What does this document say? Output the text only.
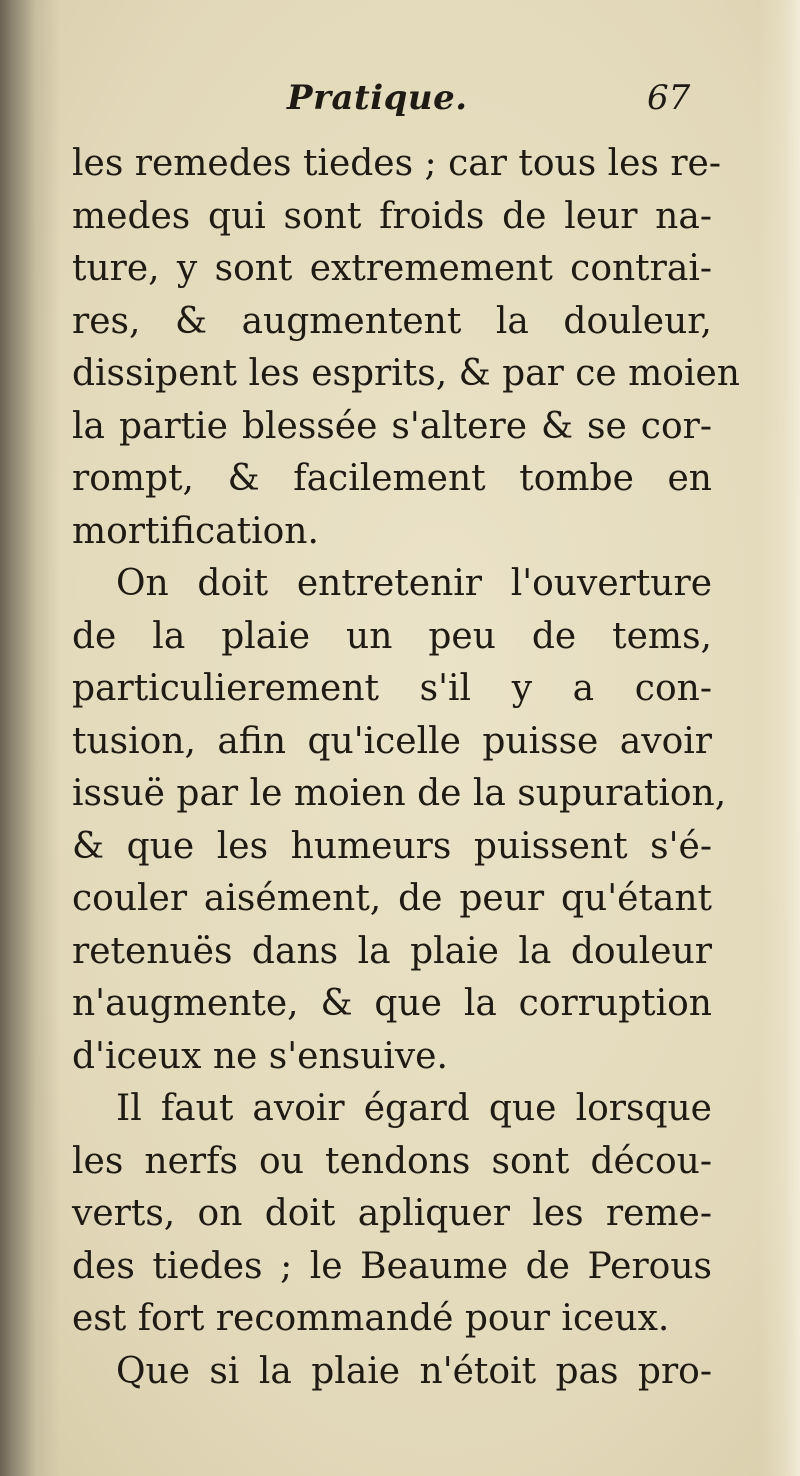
Pratique.	67
les remedes tiedes ; car tous les re-
medes qui sont froids de leur na-
ture, y sont extremement contrai-
res, & augmentent la douleur,
dissipent les esprits, & par ce moien
la partie blessée s'altere & se cor-
rompt, & facilement tombe en
mortification.
On doit entretenir l'ouverture
de la plaie un peu de tems,
particulierement s'il y a con-
tusion, afin qu'icelle puisse avoir
issuë par le moien de la supuration,
& que les humeurs puissent s'é-
couler aisément, de peur qu'étant
retenuës dans la plaie la douleur
n'augmente, & que la corruption
d'iceux ne s'ensuive.
Il faut avoir égard que lorsque
les nerfs ou tendons sont décou-
verts, on doit apliquer les reme-
des tiedes ; le Beaume de Perous
est fort recommandé pour iceux.
Que si la plaie n'étoit pas pro-
